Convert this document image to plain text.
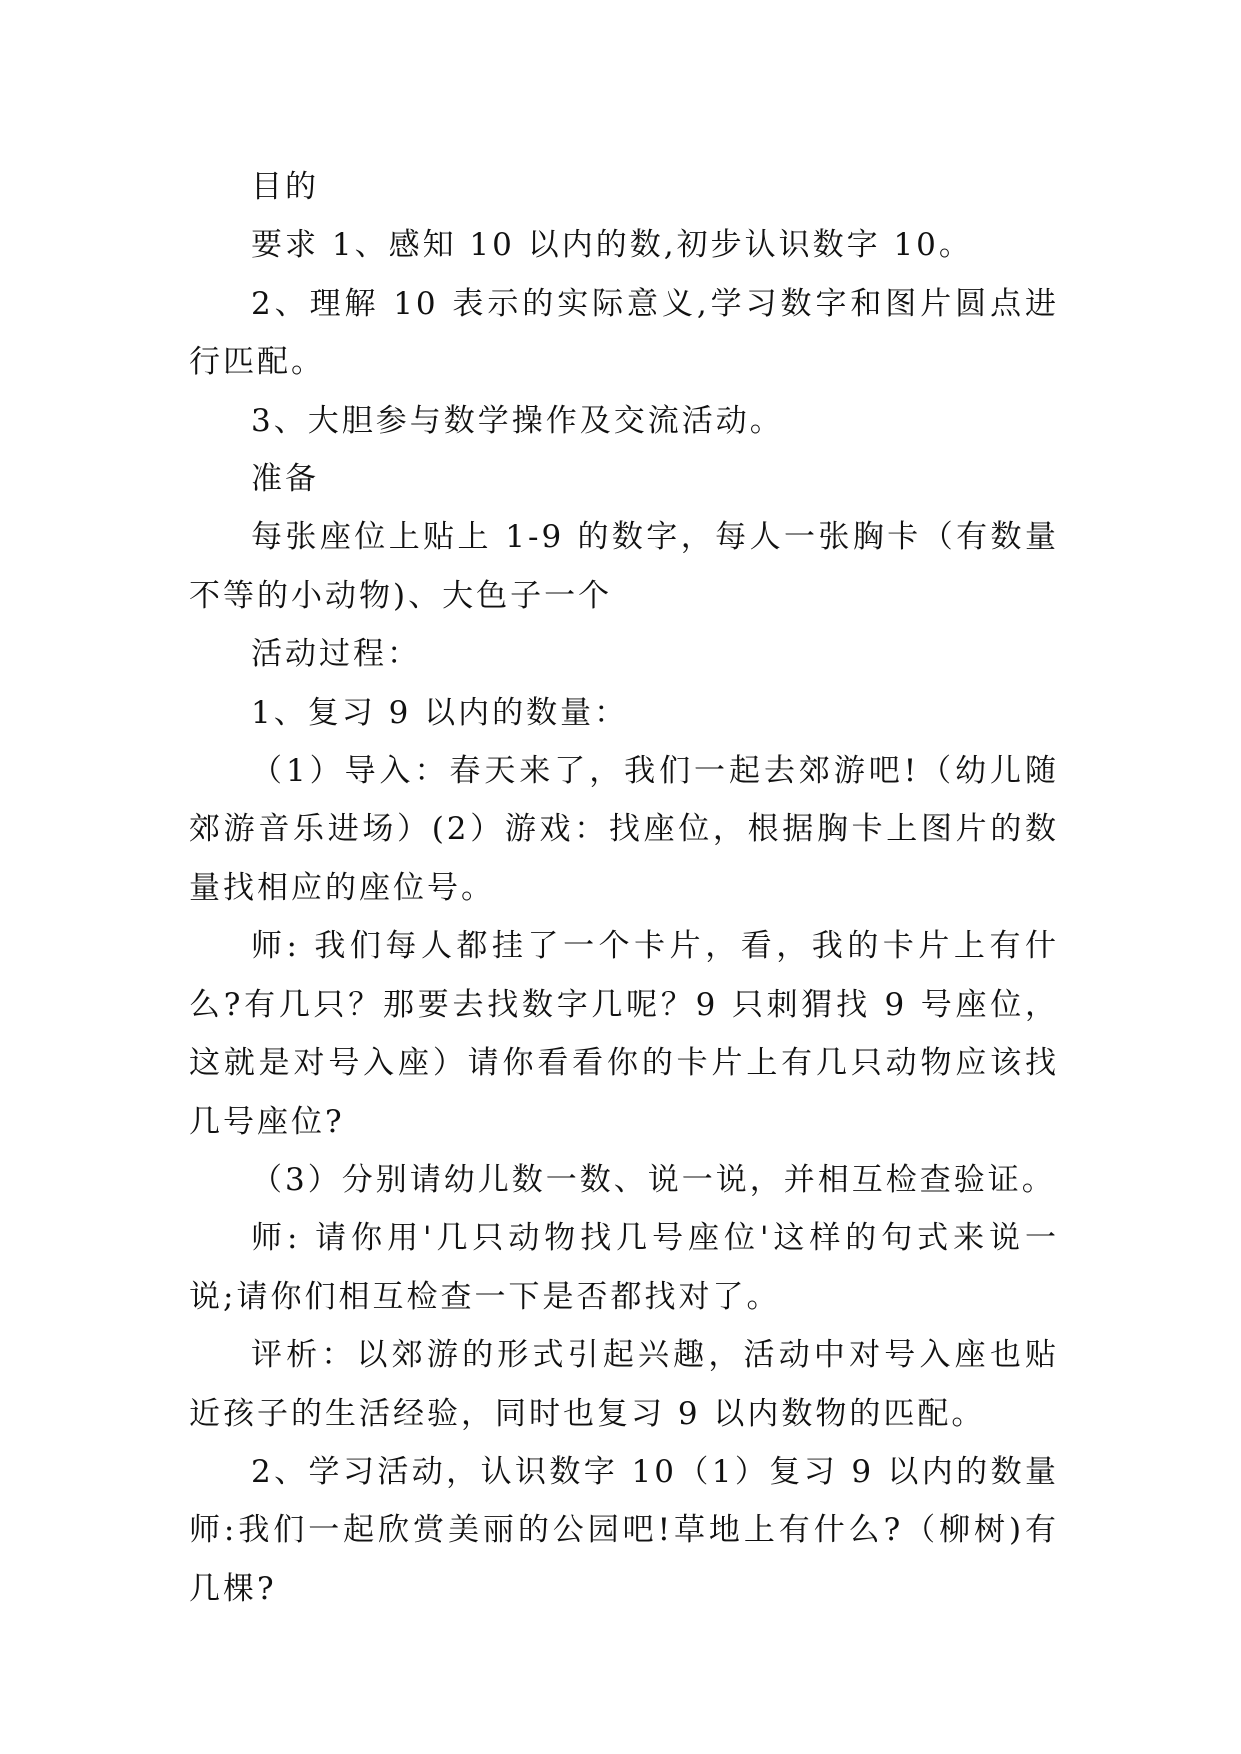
目的

要求 1、感知 10 以内的数,初步认识数字 10。

2、理解 10 表示的实际意义,学习数字和图片圆点进行匹配。

3、大胆参与数学操作及交流活动。

准备

每张座位上贴上 1-9 的数字，每人一张胸卡（有数量不等的小动物)、大色子一个

活动过程：

1、复习 9 以内的数量：

（1）导入：春天来了，我们一起去郊游吧!（幼儿随郊游音乐进场）(2）游戏：找座位，根据胸卡上图片的数量找相应的座位号。

师: 我们每人都挂了一个卡片，看，我的卡片上有什么?有几只？那要去找数字几呢？9 只刺猬找 9 号座位，这就是对号入座）请你看看你的卡片上有几只动物应该找几号座位?

（3）分别请幼儿数一数、说一说，并相互检查验证。

师: 请你用'几只动物找几号座位'这样的句式来说一说;请你们相互检查一下是否都找对了。

评析：以郊游的形式引起兴趣，活动中对号入座也贴近孩子的生活经验，同时也复习 9 以内数物的匹配。

2、学习活动，认识数字 10（1）复习 9 以内的数量师:我们一起欣赏美丽的公园吧!草地上有什么?（柳树)有几棵?
